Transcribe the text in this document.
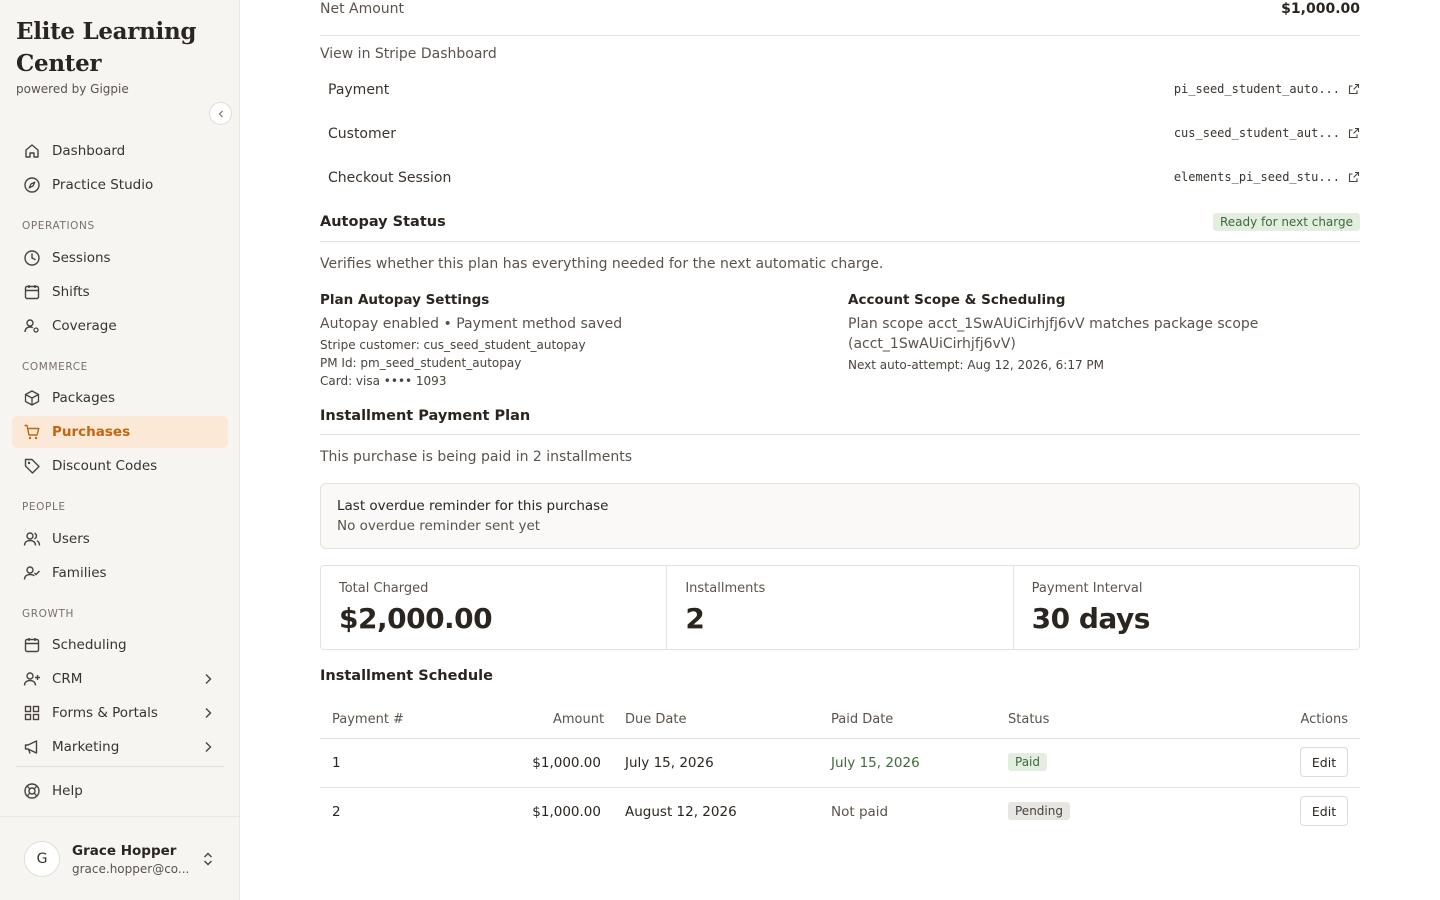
Elite Learning Center
powered by Gigpie
Dashboard
Practice Studio
OPERATIONS
Sessions
Shifts
Coverage
COMMERCE
Packages
Purchases
Discount Codes
PEOPLE
Users
Families
GROWTH
Scheduling
CRM
Forms & Portals
Marketing
Help
G	Grace Hopper
grace.hopper@co...
Net Amount	$1,000.00
View in Stripe Dashboard
Payment	pi_seed_student_auto...
Customer	cus_seed_student_aut...
Checkout Session	elements_pi_seed_stu...
Autopay Status	Ready for next charge
Verifies whether this plan has everything needed for the next automatic charge.
Plan Autopay Settings
Autopay enabled • Payment method saved
Stripe customer: cus_seed_student_autopay
PM Id: pm_seed_student_autopay
Card: visa •••• 1093
Account Scope & Scheduling
Plan scope acct_1SwAUiCirhjfj6vV matches package scope
(acct_1SwAUiCirhjfj6vV)
Next auto-attempt: Aug 12, 2026, 6:17 PM
Installment Payment Plan
This purchase is being paid in 2 installments
Last overdue reminder for this purchase
No overdue reminder sent yet
Total Charged
$2,000.00
Installments
2
Payment Interval
30 days
Installment Schedule
Payment #	Amount Due Date	Paid Date	Status	Actions
1	$1,000.00 July 15, 2026	July 15, 2026	Paid	Edit
2	$1,000.00 August 12, 2026	Not paid	Pending	Edit
